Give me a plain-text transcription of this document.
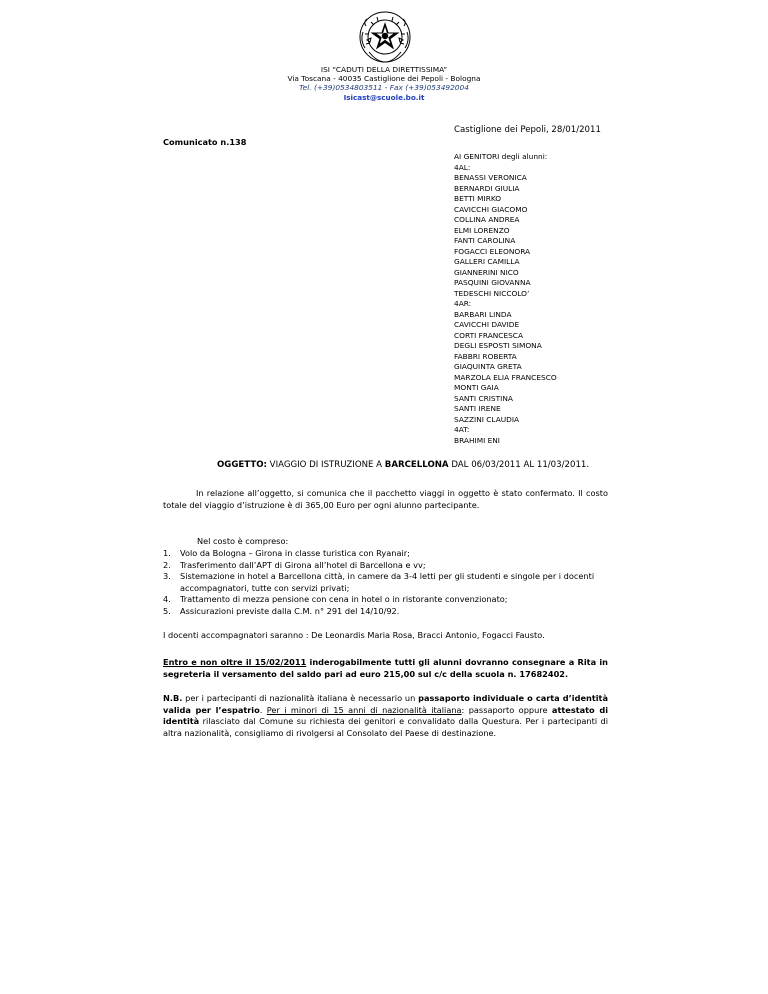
ISI “CADUTI DELLA DIRETTISSIMA”
Via Toscana - 40035 Castiglione dei Pepoli - Bologna
Tel. (+39)0534803511 - Fax (+39)053492004
Isicast@scuole.bo.it
Castiglione dei Pepoli, 28/01/2011
Comunicato n.138
AI GENITORI degli alunni:
4AL:
BENASSI VERONICA
BERNARDI GIULIA
BETTI MIRKO
CAVICCHI GIACOMO
COLLINA ANDREA
ELMI LORENZO
FANTI CAROLINA
FOGACCI ELEONORA
GALLERI CAMILLA
GIANNERINI NICO
PASQUINI GIOVANNA
TEDESCHI NICCOLO’
4AR:
BARBARI LINDA
CAVICCHI DAVIDE
CORTI FRANCESCA
DEGLI ESPOSTI SIMONA
FABBRI ROBERTA
GIAQUINTA GRETA
MARZOLA ELIA FRANCESCO
MONTI GAIA
SANTI CRISTINA
SANTI IRENE
SAZZINI CLAUDIA
4AT:
BRAHIMI ENI
OGGETTO: VIAGGIO DI ISTRUZIONE A BARCELLONA DAL 06/03/2011 AL 11/03/2011.
In relazione all’oggetto, si comunica che il pacchetto viaggi in oggetto è stato confermato. Il costo totale del viaggio d’istruzione è di 365,00 Euro per ogni alunno partecipante.
Nel costo è compreso:
1. Volo da Bologna – Girona in classe turistica con Ryanair;
2. Trasferimento dall’APT di Girona all’hotel di Barcellona e vv;
3. Sistemazione in hotel a Barcellona città, in camere da 3-4 letti per gli studenti e singole per i docenti accompagnatori, tutte con servizi privati;
4. Trattamento di mezza pensione con cena in hotel o in ristorante convenzionato;
5. Assicurazioni previste dalla C.M. n° 291 del 14/10/92.
I docenti accompagnatori saranno : De Leonardis Maria Rosa, Bracci Antonio, Fogacci Fausto.
Entro e non oltre il 15/02/2011 inderogabilmente tutti gli alunni dovranno consegnare a Rita in segreteria il versamento del saldo pari ad euro 215,00 sul c/c della scuola n. 17682402.
N.B. per i partecipanti di nazionalità italiana è necessario un passaporto individuale o carta d’identità valida per l’espatrio. Per i minori di 15 anni di nazionalità italiana: passaporto oppure attestato di identità rilasciato dal Comune su richiesta dei genitori e convalidato dalla Questura. Per i partecipanti di altra nazionalità, consigliamo di rivolgersi al Consolato del Paese di destinazione.
